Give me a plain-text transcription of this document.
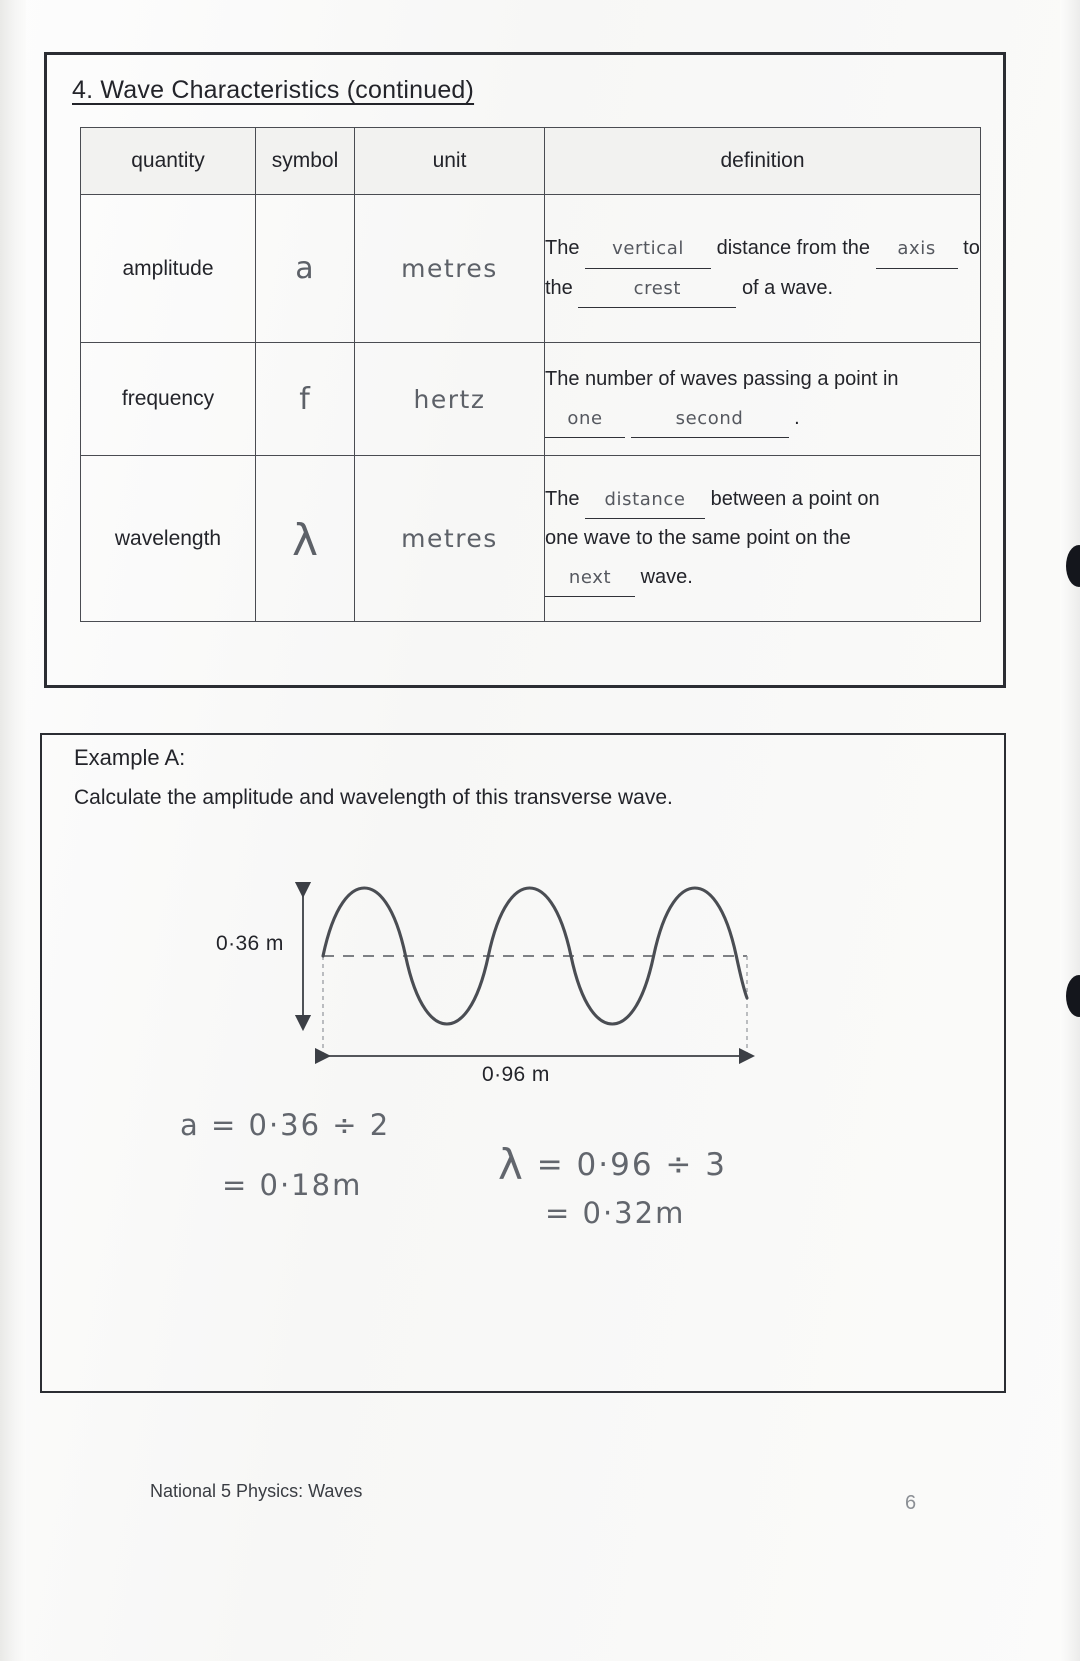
4. Wave Characteristics (continued)
quantity	symbol	unit	definition
amplitude	a	metres	The vertical distance from the axis to the crest of a wave.
frequency	f	hertz	The number of waves passing a point in
one second .
wavelength	λ	metres	The distance between a point on
one wave to the same point on the
next wave.
Example A:
Calculate the amplitude and wavelength of this transverse wave.
0·36 m
0·96 m
a = 0·36 ÷ 2
= 0·18m	λ = 0·96 ÷ 3
= 0·32m
National 5 Physics: Waves
6
